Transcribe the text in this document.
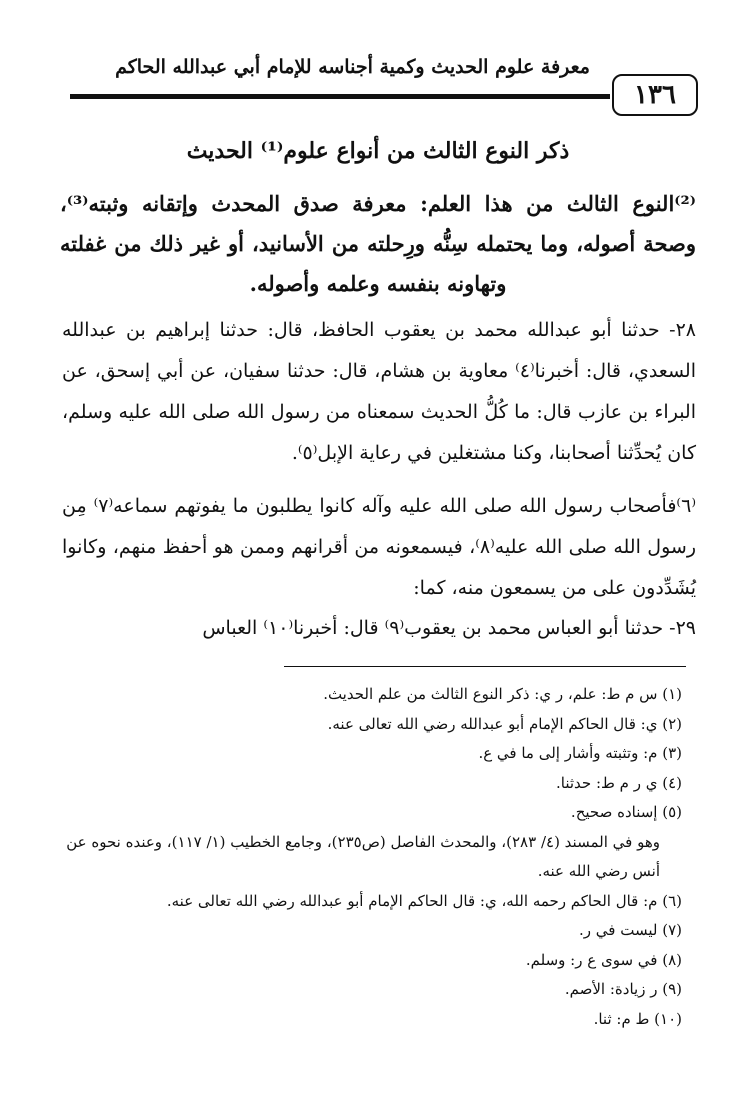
معرفة علوم الحديث وكمية أجناسه للإمام أبي عبدالله الحاكم
١٣٦
ذكر النوع الثالث من أنواع علوم⁽¹⁾ الحديث
⁽²⁾النوع الثالث من هذا العلم: معرفة صدق المحدث وإتقانه وثبته⁽³⁾، وصحة أصوله، وما يحتمله سِنُّه ورِحلته من الأسانيد، أو غير ذلك من غفلته وتهاونه بنفسه وعلمه وأصوله.
٢٨- حدثنا أبو عبدالله محمد بن يعقوب الحافظ، قال: حدثنا إبراهيم بن عبدالله السعدي، قال: أخبرنا⁽٤⁾ معاوية بن هشام، قال: حدثنا سفيان، عن أبي إسحق، عن البراء بن عازب قال: ما كُلُّ الحديث سمعناه من رسول الله صلى الله عليه وسلم، كان يُحدِّثنا أصحابنا، وكنا مشتغلين في رعاية الإبل⁽٥⁾.
⁽٦⁾فأصحاب رسول الله صلى الله عليه وآله كانوا يطلبون ما يفوتهم سماعه⁽٧⁾ مِن رسول الله صلى الله عليه⁽٨⁾، فيسمعونه من أقرانهم وممن هو أحفظ منهم، وكانوا يُشَدِّدون على من يسمعون منه، كما:
٢٩- حدثنا أبو العباس محمد بن يعقوب⁽٩⁾ قال: أخبرنا⁽١٠⁾ العباس

(١) س م ط: علم، ر ي: ذكر النوع الثالث من علم الحديث.

(٢) ي: قال الحاكم الإمام أبو عبدالله رضي الله تعالى عنه.

(٣) م: وتثبته وأشار إلى ما في ع.

(٤) ي ر م ط: حدثنا.

(٥) إسناده صحيح.

وهو في المسند (٤/ ٢٨٣)، والمحدث الفاصل (ص٢٣٥)، وجامع الخطيب (١/ ١١٧)، وعنده نحوه عن أنس رضي الله عنه.

(٦) م: قال الحاكم رحمه الله، ي: قال الحاكم الإمام أبو عبدالله رضي الله تعالى عنه.

(٧) ليست في ر.

(٨) في سوى ع ر: وسلم.

(٩) ر زيادة: الأصم.

(١٠) ط م: ثنا.
